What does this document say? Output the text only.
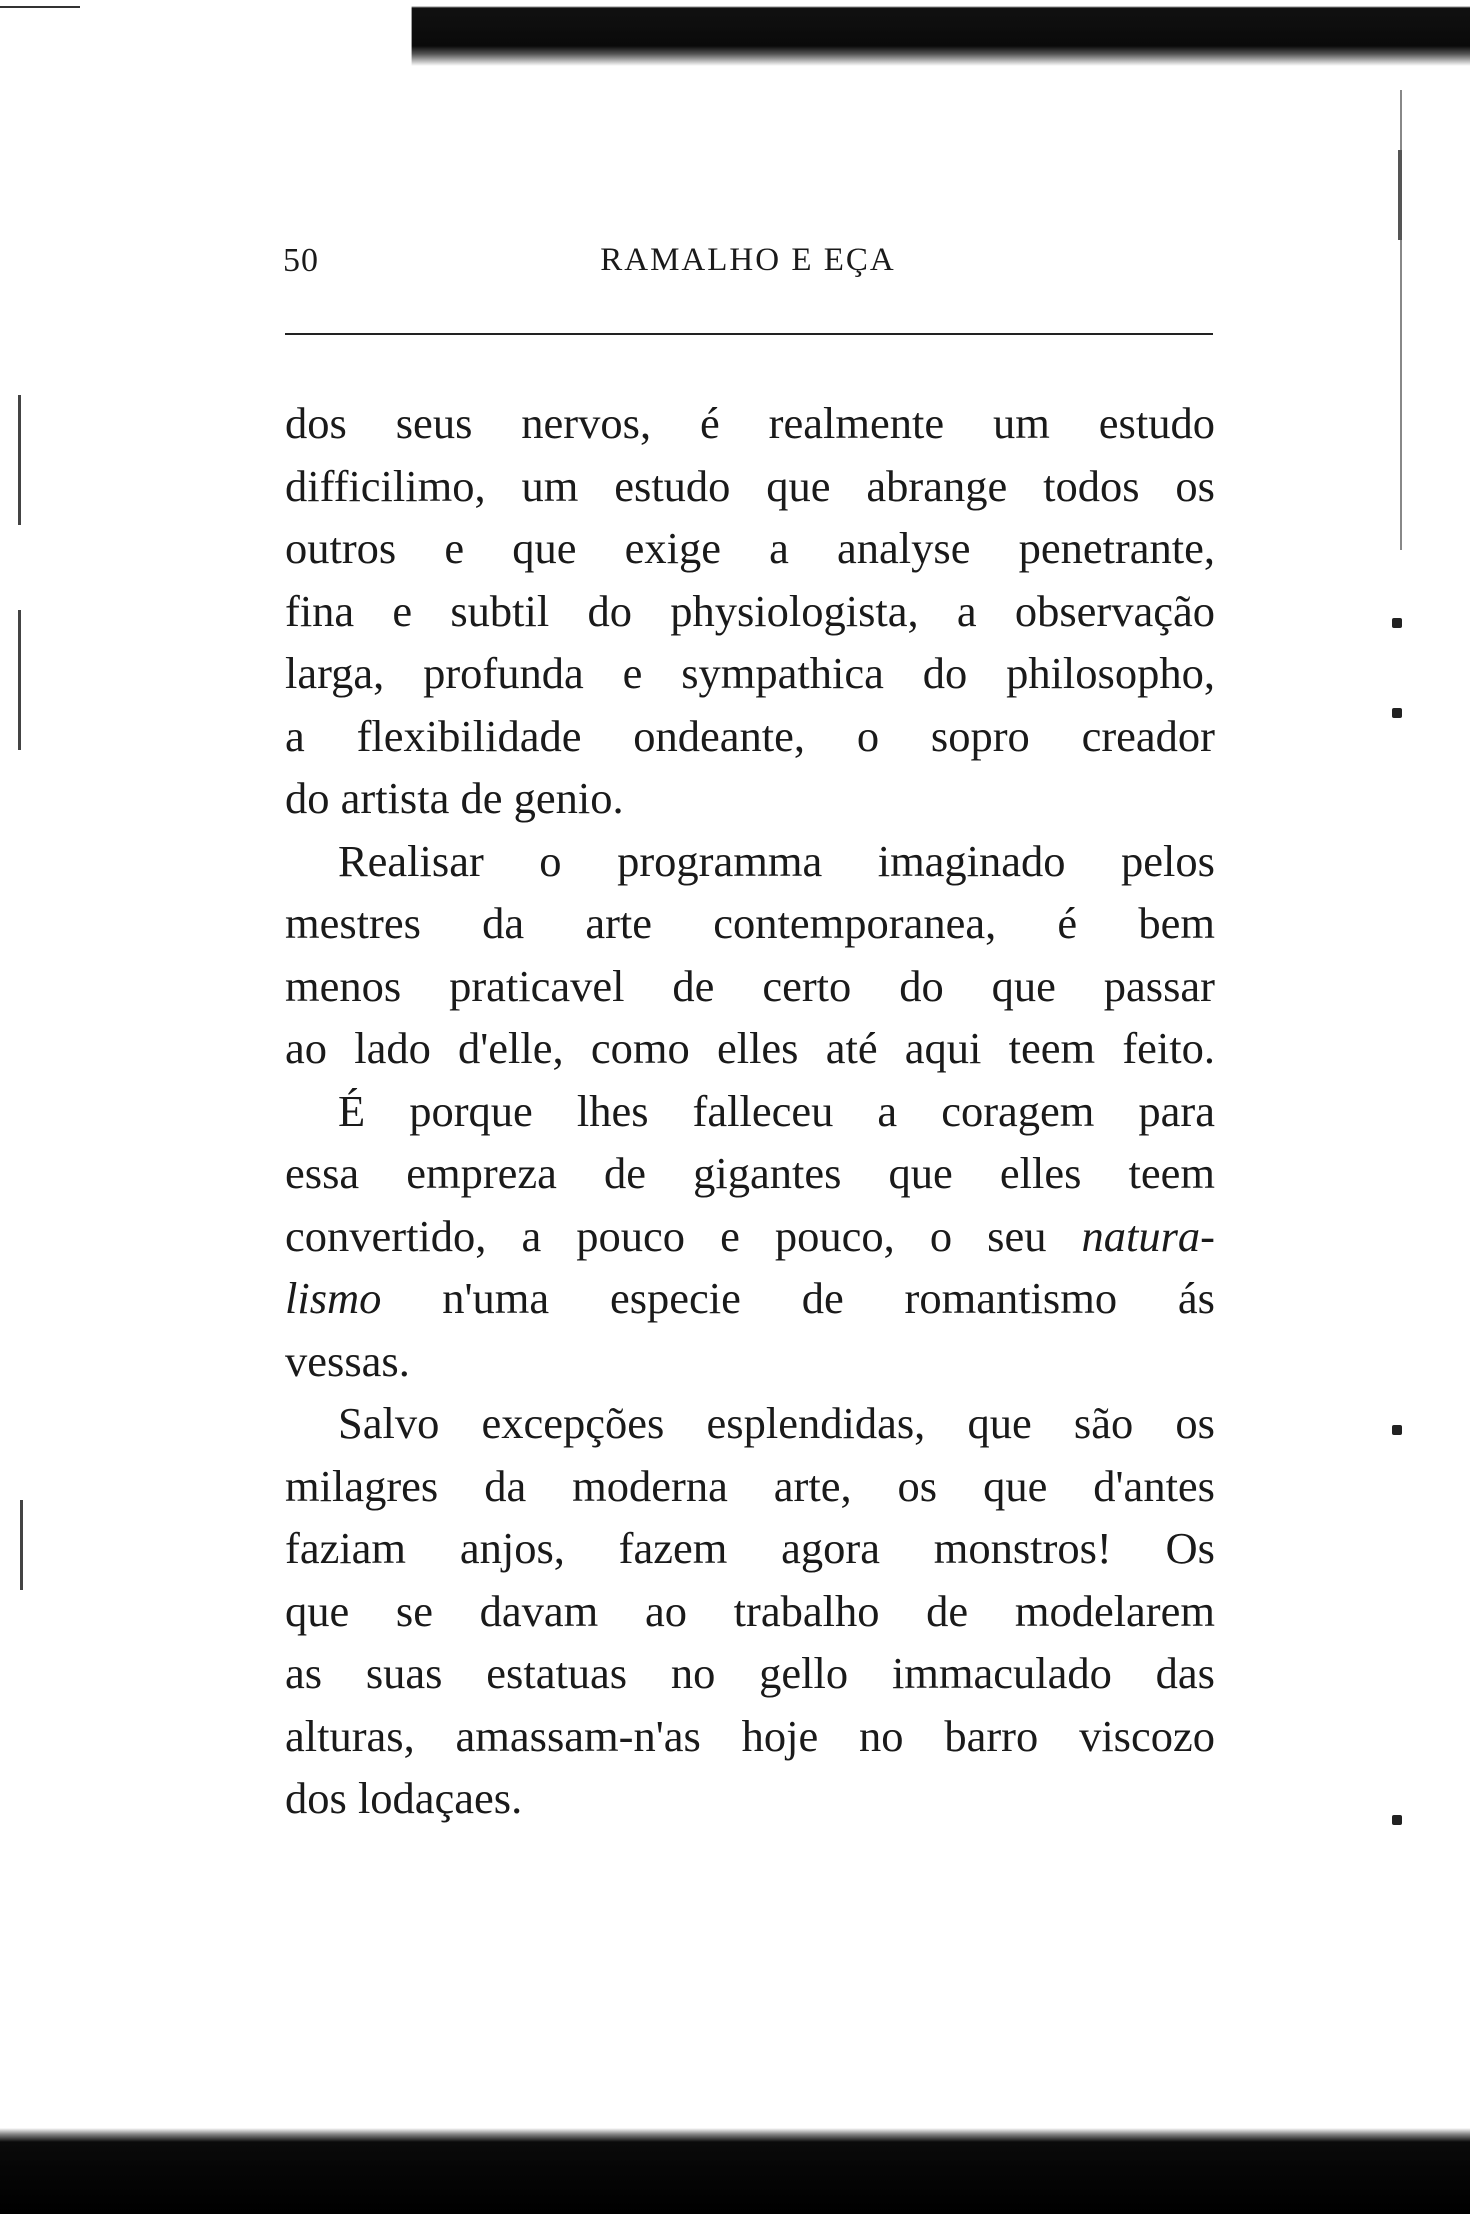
50	RAMALHO E EÇA

dos seus nervos, é realmente um estudo
difficilimo, um estudo que abrange todos os
outros e que exige a analyse penetrante,
fina e subtil do physiologista, a observação
larga, profunda e sympathica do philosopho,
a flexibilidade ondeante, o sopro creador
do artista de genio.

Realisar o programma imaginado pelos
mestres da arte contemporanea, é bem
menos praticavel de certo do que passar
ao lado d'elle, como elles até aqui teem feito.

É porque lhes falleceu a coragem para
essa empreza de gigantes que elles teem
convertido, a pouco e pouco, o seu natura-
lismo n'uma especie de romantismo ás
vessas.

Salvo excepções esplendidas, que são os
milagres da moderna arte, os que d'antes
faziam anjos, fazem agora monstros! Os
que se davam ao trabalho de modelarem
as suas estatuas no gello immaculado das
alturas, amassam-n'as hoje no barro viscozo
dos lodaçaes.
